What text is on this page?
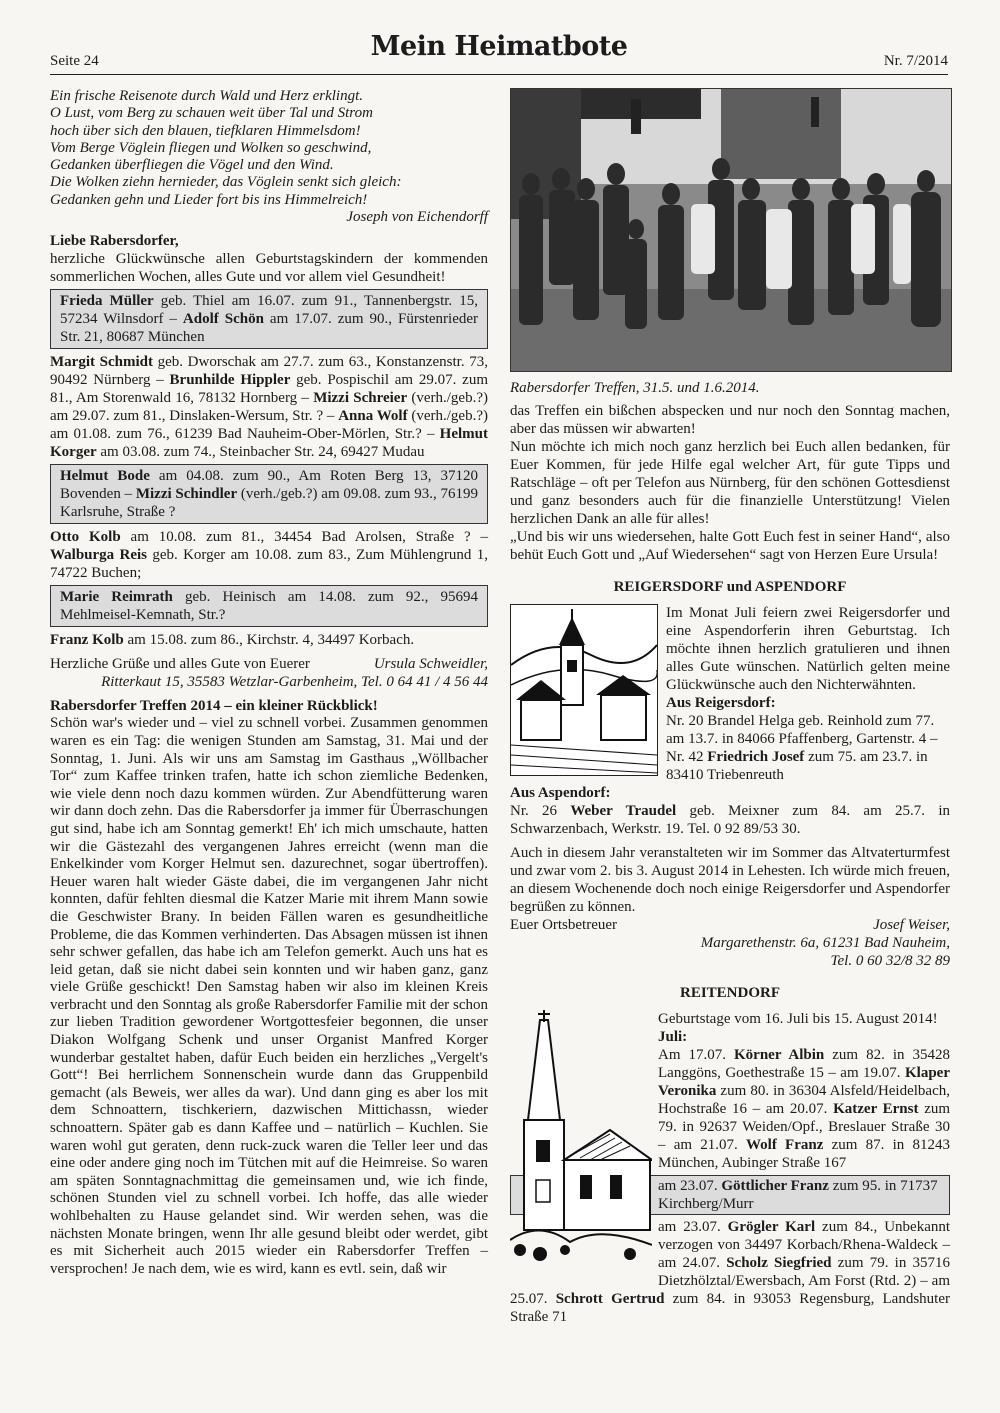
Seite 24	Mein Heimatbote	Nr. 7/2014

Ein frische Reisenote durch Wald und Herz erklingt.

O Lust, vom Berg zu schauen weit über Tal und Strom

hoch über sich den blauen, tiefklaren Himmelsdom!

Vom Berge Vöglein fliegen und Wolken so geschwind,

Gedanken überfliegen die Vögel und den Wind.

Die Wolken ziehn hernieder, das Vöglein senkt sich gleich:

Gedanken gehn und Lieder fort bis ins Himmelreich!

Joseph von Eichendorff

Liebe Rabersdorfer,

herzliche Glückwünsche allen Geburtstagskindern der kommenden sommerlichen Wochen, alles Gute und vor allem viel Gesundheit!

Frieda Müller geb. Thiel am 16.07. zum 91., Tannenbergstr. 15, 57234 Wilnsdorf – Adolf Schön am 17.07. zum 90., Fürstenrieder Str. 21, 80687 München

Margit Schmidt geb. Dworschak am 27.7. zum 63., Konstanzenstr. 73, 90492 Nürnberg – Brunhilde Hippler geb. Pospischil am 29.07. zum 81., Am Storenwald 16, 78132 Hornberg – Mizzi Schreier (verh./geb.?) am 29.07. zum 81., Dinslaken-Wersum, Str. ? – Anna Wolf (verh./geb.?) am 01.08. zum 76., 61239 Bad Nauheim-Ober-Mörlen, Str.? – Helmut Korger am 03.08. zum 74., Steinbacher Str. 24, 69427 Mudau

Helmut Bode am 04.08. zum 90., Am Roten Berg 13, 37120 Bovenden – Mizzi Schindler (verh./geb.?) am 09.08. zum 93., 76199 Karlsruhe, Straße ?

Otto Kolb am 10.08. zum 81., 34454 Bad Arolsen, Straße ? – Walburga Reis geb. Korger am 10.08. zum 83., Zum Mühlengrund 1, 74722 Buchen;

Marie Reimrath geb. Heinisch am 14.08. zum 92., 95694 Mehlmeisel-Kemnath, Str.?

Franz Kolb am 15.08. zum 86., Kirchstr. 4, 34497 Korbach.

Herzliche Grüße und alles Gute von Euerer	Ursula Schweidler,

Ritterkaut 15, 35583 Wetzlar-Garbenheim, Tel. 0 64 41 / 4 56 44

Rabersdorfer Treffen 2014 – ein kleiner Rückblick!

Schön war's wieder und – viel zu schnell vorbei. Zusammen genommen waren es ein Tag: die wenigen Stunden am Samstag, 31. Mai und der Sonntag, 1. Juni. Als wir uns am Samstag im Gasthaus „Wöllbacher Tor“ zum Kaffee trinken trafen, hatte ich schon ziemliche Bedenken, wie viele denn noch dazu kommen würden. Zur Abendfütterung waren wir dann doch zehn. Das die Rabersdorfer ja immer für Überraschungen gut sind, habe ich am Sonntag gemerkt! Eh' ich mich umschaute, hatten wir die Gästezahl des vergangenen Jahres erreicht (wenn man die Enkelkinder vom Korger Helmut sen. dazurechnet, sogar übertroffen). Heuer waren halt wieder Gäste dabei, die im vergangenen Jahr nicht konnten, dafür fehlten diesmal die Katzer Marie mit ihrem Mann sowie die Geschwister Brany. In beiden Fällen waren es gesundheitliche Probleme, die das Kommen verhinderten. Das Absagen müssen ist ihnen sehr schwer gefallen, das habe ich am Telefon gemerkt. Auch uns hat es leid getan, daß sie nicht dabei sein konnten und wir haben ganz, ganz viele Grüße geschickt! Den Samstag haben wir also im kleinen Kreis verbracht und den Sonntag als große Rabersdorfer Familie mit der schon zur lieben Tradition gewordener Wortgottesfeier begonnen, die unser Diakon Wolfgang Schenk und unser Organist Manfred Korger wunderbar gestaltet haben, dafür Euch beiden ein herzliches „Vergelt's Gott“! Bei herrlichem Sonnenschein wurde dann das Gruppenbild gemacht (als Beweis, wer alles da war). Und dann ging es aber los mit dem Schnoattern, tischkeriern, dazwischen Mittichassn, wieder schnoattern. Später gab es dann Kaffee und – natürlich – Kuchlen. Sie waren wohl gut geraten, denn ruck-zuck waren die Teller leer und das eine oder andere ging noch im Tütchen mit auf die Heimreise. So waren am späten Sonntagnachmittag die gemeinsamen und, wie ich finde, schönen Stunden viel zu schnell vorbei. Ich hoffe, das alle wieder wohlbehalten zu Hause gelandet sind. Wir werden sehen, was die nächsten Monate bringen, wenn Ihr alle gesund bleibt oder werdet, gibt es mit Sicherheit auch 2015 wieder ein Rabersdorfer Treffen – versprochen! Je nach dem, wie es wird, kann es evtl. sein, daß wir

Rabersdorfer Treffen, 31.5. und 1.6.2014.

das Treffen ein bißchen abspecken und nur noch den Sonntag machen, aber das müssen wir abwarten!

Nun möchte ich mich noch ganz herzlich bei Euch allen bedanken, für Euer Kommen, für jede Hilfe egal welcher Art, für gute Tipps und Ratschläge – oft per Telefon aus Nürnberg, für den schönen Gottesdienst und ganz besonders auch für die finanzielle Unterstützung! Vielen herzlichen Dank an alle für alles!

„Und bis wir uns wiedersehen, halte Gott Euch fest in seiner Hand“, also behüt Euch Gott und „Auf Wiedersehen“ sagt von Herzen Eure Ursula!

REIGERSDORF und ASPENDORF

Im Monat Juli feiern zwei Reigersdorfer und eine Aspendorferin ihren Geburtstag. Ich möchte ihnen herzlich gratulieren und ihnen alles Gute wünschen. Natürlich gelten meine Glückwünsche auch den Nichterwähnten.

Aus Reigersdorf:

Nr. 20 Brandel Helga geb. Reinhold zum 77. am 13.7. in 84066 Pfaffenberg, Gartenstr. 4 – Nr. 42 Friedrich Josef zum 75. am 23.7. in 83410 Triebenreuth

Aus Aspendorf:

Nr. 26 Weber Traudel geb. Meixner zum 84. am 25.7. in Schwarzenbach, Werkstr. 19. Tel. 0 92 89/53 30.

Auch in diesem Jahr veranstalteten wir im Sommer das Altvaterturmfest und zwar vom 2. bis 3. August 2014 in Lehesten. Ich würde mich freuen, an diesem Wochenende doch noch einige Reigersdorfer und Aspendorfer begrüßen zu können.

Euer Ortsbetreuer	Josef Weiser,

Margarethenstr. 6a, 61231 Bad Nauheim,

Tel. 0 60 32/8 32 89

REITENDORF

Geburtstage vom 16. Juli bis 15. August 2014!

Juli:

Am 17.07. Körner Albin zum 82. in 35428 Langgöns, Goethestraße 15 – am 19.07. Klaper Veronika zum 80. in 36304 Alsfeld/Heidelbach, Hochstraße 16 – am 20.07. Katzer Ernst zum 79. in 92637 Weiden/Opf., Breslauer Straße 30 – am 21.07. Wolf Franz zum 87. in 81243 München, Aubinger Straße 167

am 23.07. Göttlicher Franz zum 95. in 71737 Kirchberg/Murr

am 23.07. Grögler Karl zum 84., Unbekannt verzogen von 34497 Korbach/Rhena-Waldeck – am 24.07. Scholz Siegfried zum 79. in 35716 Dietzhölztal/Ewersbach, Am Forst (Rtd. 2) – am 25.07. Schrott Gertrud zum 84. in 93053 Regensburg, Landshuter Straße 71
